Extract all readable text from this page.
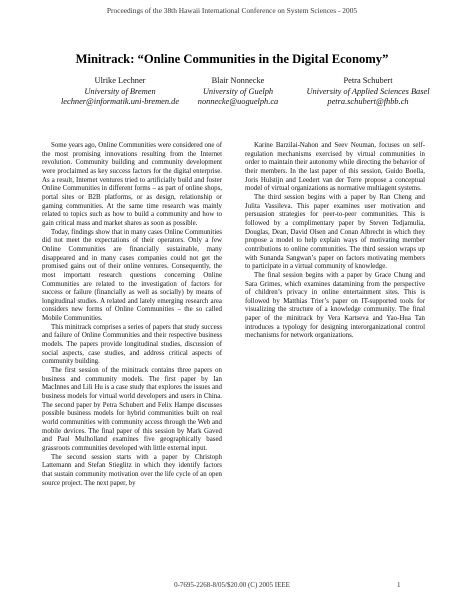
Proceedings of the 38th Hawaii International Conference on System Sciences - 2005
Minitrack: “Online Communities in the Digital Economy”
Ulrike Lechner
University of Bremen
lechner@informatik.uni-bremen.de
Blair Nonnecke
University of Guelph
nonnecke@uoguelph.ca
Petra Schubert
University of Applied Sciences Basel
petra.schubert@fhbb.ch

Some years ago, Online Communities were considered one of the most promising innovations resulting from the Internet revolution. Community building and community development were proclaimed as key success factors for the digital enterprise. As a result, Internet ventures tried to artificially build and foster Online Communities in different forms – as part of online shops, portal sites or B2B platforms, or as design, relationship or gaming communities. At the same time research was mainly related to topics such as how to build a community and how to gain critical mass and market shares as soon as possible.

Today, findings show that in many cases Online Communities did not meet the expectations of their operators. Only a few Online Communities are financially sustainable, many disappeared and in many cases companies could not get the promised gains out of their online ventures. Consequently, the most important research questions concerning Online Communities are related to the investigation of factors for success or failure (financially as well as socially) by means of longitudinal studies. A related and lately emerging research area considers new forms of Online Communities – the so called Mobile Communities.

This minitrack comprises a series of papers that study success and failure of Online Communities and their respective business models. The papers provide longitudinal studies, discussion of social aspects, case studies, and address critical aspects of community building.

The first session of the minitrack contains three papers on business and community models. The first paper by Ian MacInnes and Lili Hu is a case study that explores the issues and business models for virtual world developers and users in China. The second paper by Petra Schubert and Felix Hampe discusses possible business models for hybrid communities built on real world communities with community access through the Web and mobile devices. The final paper of this session by Mark Gaved and Paul Mulholland examines five geographically based grassroots communities developed with little external input.

The second session starts with a paper by Christoph Lattemann and Stefan Stieglitz in which they identify factors that sustain community motivation over the life cycle of an open source project. The next paper, by

Karine Barzilai-Nahon and Seev Neuman, focuses on self-regulation mechanisms exercised by virtual communities in order to maintain their autonomy while directing the behavior of their members. In the last paper of this session, Guido Boella, Joris Hulstijn and Leedert van der Torre propose a conceptual model of virtual organizations as normative multiagent systems.

The third session begins with a paper by Ran Cheng and Julita Vassileva. This paper examines user motivation and persuasion strategies for peer-to-peer communities. This is followed by a complimentary paper by Steven Tedjamulia, Douglas, Dean, David Olsen and Conan Albrecht in which they propose a model to help explain ways of motivating member contributions to online communities. The third session wraps up with Sunanda Sangwan’s paper on factors motivating members to participate in a virtual community of knowledge.

The final session begins with a paper by Grace Chung and Sara Grimes, which examines datamining from the perspective of children’s privacy in online entertainment sites. This is followed by Matthias Trier’s paper on IT-supported tools for visualizing the structure of a knowledge community. The final paper of the minitrack by Vera Kartseva and Yao-Hua Tan introduces a typology for designing interorganizational control mechanisms for network organizations.

0-7695-2268-8/05/$20.00 (C) 2005 IEEE	1
